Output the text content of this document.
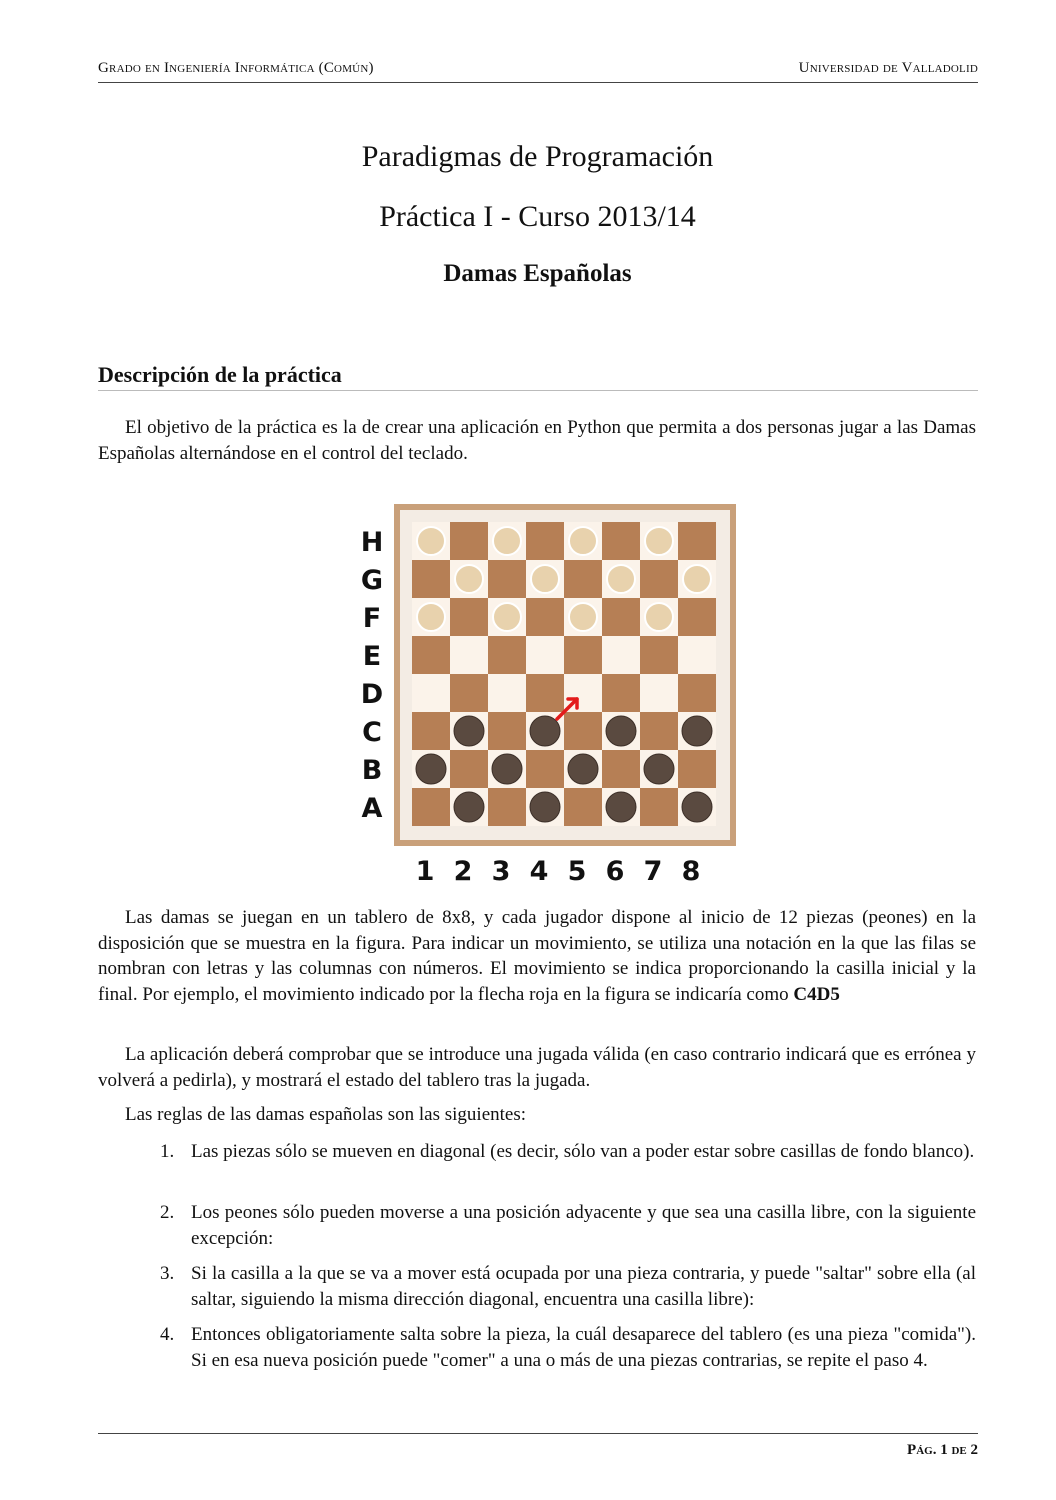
Grado en Ingeniería Informática (Común)	Universidad de Valladolid
Paradigmas de Programación
Práctica I - Curso 2013/14
Damas Españolas
Descripción de la práctica
El objetivo de la práctica es la de crear una aplicación en Python que permita a dos personas jugar a las Damas Españolas alternándose en el control del teclado.
H
G
F
E
D
C
B
A
1 2 3 4 5 6 7 8
Las damas se juegan en un tablero de 8x8, y cada jugador dispone al inicio de 12 piezas (peones) en la disposición que se muestra en la figura. Para indicar un movimiento, se utiliza una notación en la que las filas se nombran con letras y las columnas con números. El movimiento se indica proporcionando la casilla inicial y la final. Por ejemplo, el movimiento indicado por la flecha roja en la figura se indicaría como C4D5
La aplicación deberá comprobar que se introduce una jugada válida (en caso contrario indicará que es errónea y volverá a pedirla), y mostrará el estado del tablero tras la jugada.
Las reglas de las damas españolas son las siguientes:
1. Las piezas sólo se mueven en diagonal (es decir, sólo van a poder estar sobre casillas de fondo blanco).
2. Los peones sólo pueden moverse a una posición adyacente y que sea una casilla libre, con la siguiente excepción:
3. Si la casilla a la que se va a mover está ocupada por una pieza contraria, y puede "saltar" sobre ella (al saltar, siguiendo la misma dirección diagonal, encuentra una casilla libre):
4. Entonces obligatoriamente salta sobre la pieza, la cuál desaparece del tablero (es una pieza "comida"). Si en esa nueva posición puede "comer" a una o más de una piezas contrarias, se repite el paso 4.
Pág. 1 de 2
